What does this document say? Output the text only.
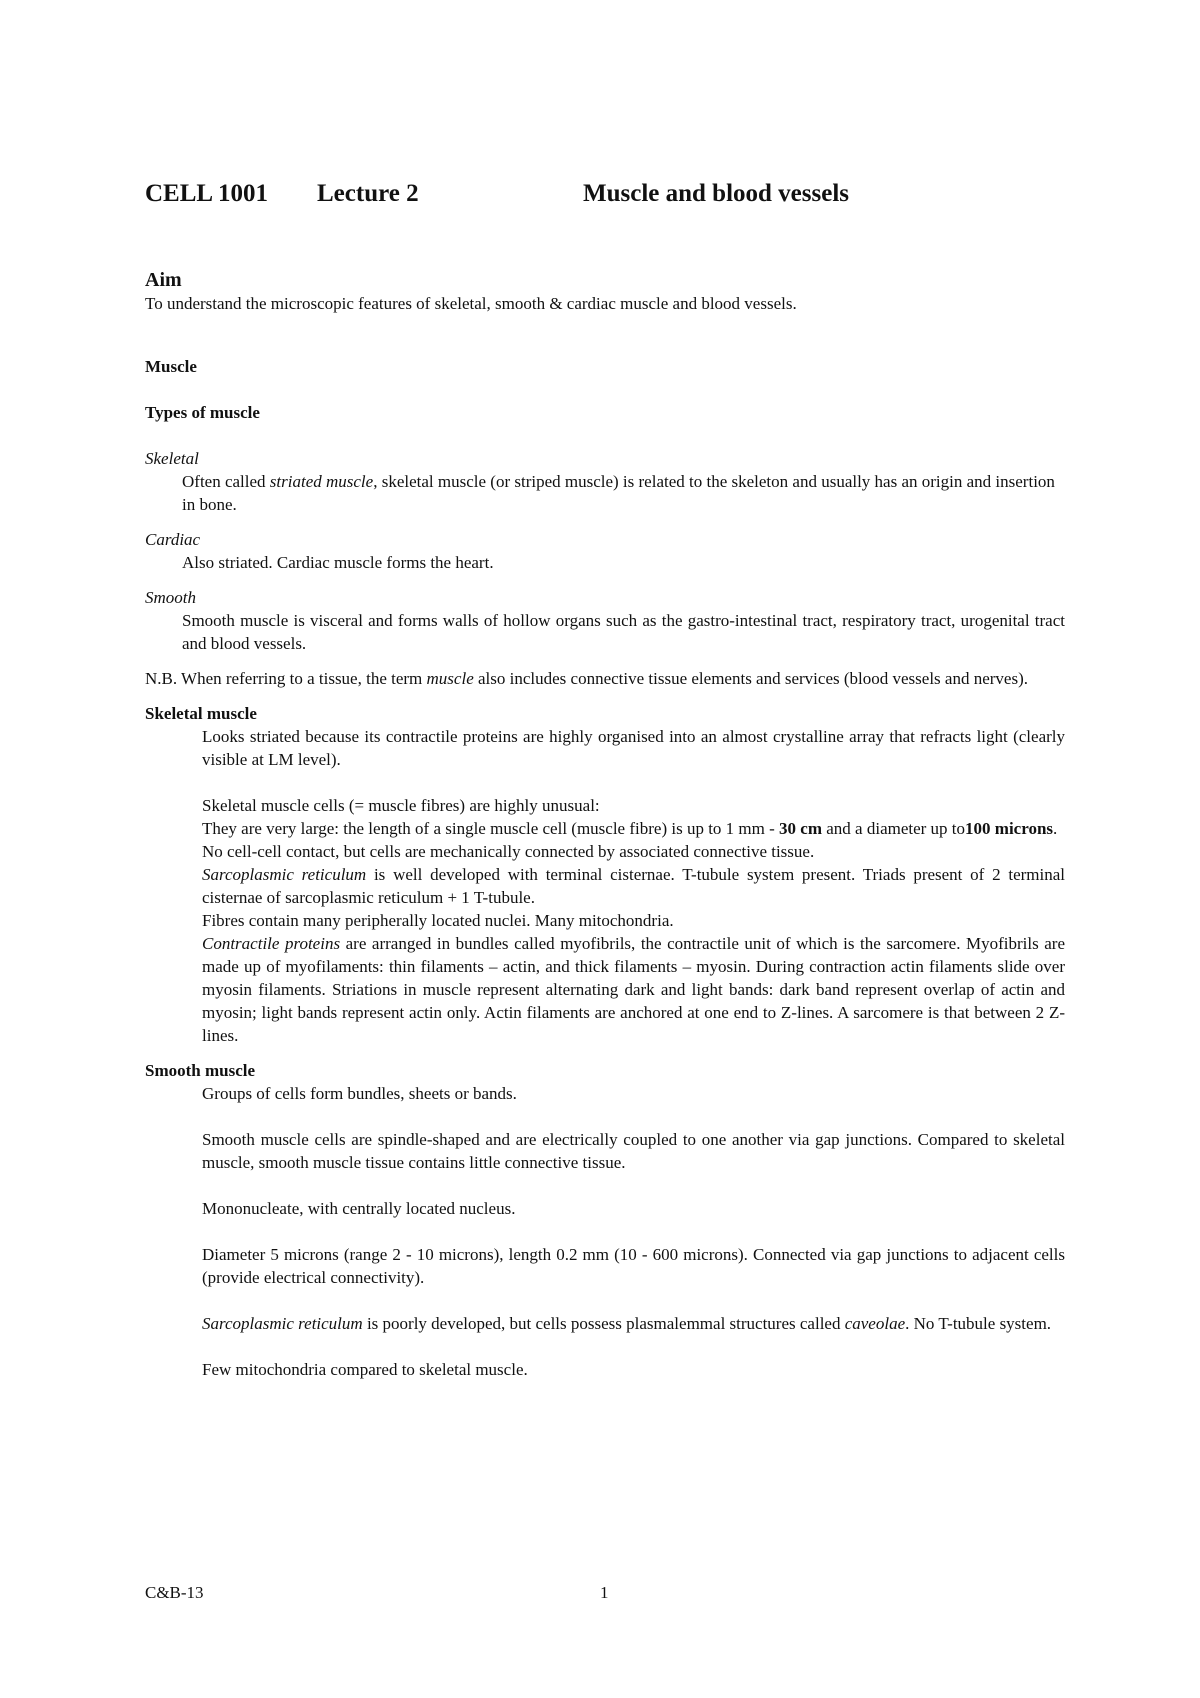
CELL 1001 Lecture 2	Muscle and blood vessels

Aim

To understand the microscopic features of skeletal, smooth & cardiac muscle and blood vessels.

Muscle

Types of muscle

Skeletal

Often called striated muscle, skeletal muscle (or striped muscle) is related to the skeleton and usually has an origin and insertion in bone.

Cardiac

Also striated. Cardiac muscle forms the heart.

Smooth

Smooth muscle is visceral and forms walls of hollow organs such as the gastro-intestinal tract, respiratory tract, urogenital tract and blood vessels.

N.B. When referring to a tissue, the term muscle also includes connective tissue elements and services (blood vessels and nerves).

Skeletal muscle

Looks striated because its contractile proteins are highly organised into an almost crystalline array that refracts light (clearly visible at LM level).

Skeletal muscle cells (= muscle fibres) are highly unusual:

They are very large: the length of a single muscle cell (muscle fibre) is up to 1 mm - 30 cm and a diameter up to100 microns.

No cell-cell contact, but cells are mechanically connected by associated connective tissue.

Sarcoplasmic reticulum is well developed with terminal cisternae. T-tubule system present. Triads present of 2 terminal cisternae of sarcoplasmic reticulum + 1 T-tubule.

Fibres contain many peripherally located nuclei. Many mitochondria.

Contractile proteins are arranged in bundles called myofibrils, the contractile unit of which is the sarcomere. Myofibrils are made up of myofilaments: thin filaments – actin, and thick filaments – myosin. During contraction actin filaments slide over myosin filaments. Striations in muscle represent alternating dark and light bands: dark band represent overlap of actin and myosin; light bands represent actin only. Actin filaments are anchored at one end to Z-lines. A sarcomere is that between 2 Z-lines.

Smooth muscle

Groups of cells form bundles, sheets or bands.

Smooth muscle cells are spindle-shaped and are electrically coupled to one another via gap junctions. Compared to skeletal muscle, smooth muscle tissue contains little connective tissue.

Mononucleate, with centrally located nucleus.

Diameter 5 microns (range 2 - 10 microns), length 0.2 mm (10 - 600 microns). Connected via gap junctions to adjacent cells (provide electrical connectivity).

Sarcoplasmic reticulum is poorly developed, but cells possess plasmalemmal structures called caveolae. No T-tubule system.

Few mitochondria compared to skeletal muscle.

C&B-13	1
